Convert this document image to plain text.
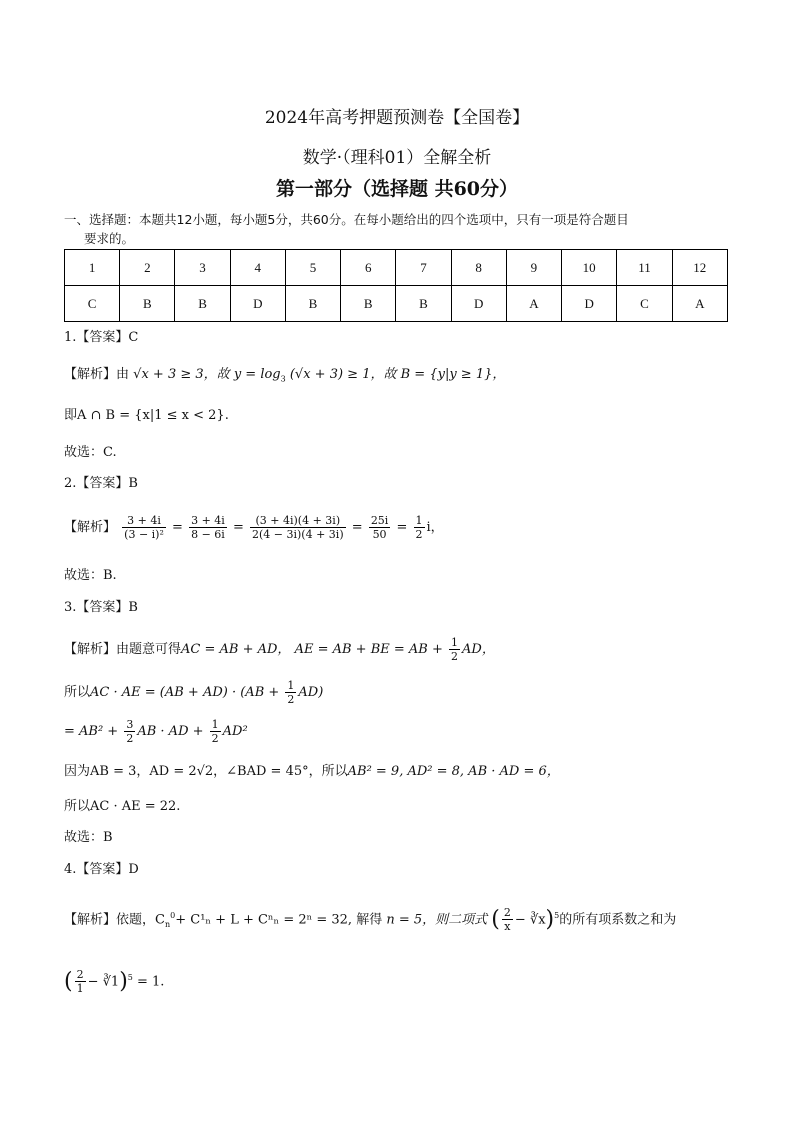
2024年高考押题预测卷【全国卷】
数学·（理科01）全解全析
第一部分（选择题 共60分）
一、选择题：本题共12小题，每小题5分，共60分。在每小题给出的四个选项中，只有一项是符合题目
要求的。
1	2	3	4	5	6	7	8	9	10	11	12
C	B	B	D	B	B	B	D	A	D	C	A
1.【答案】C
【解析】由 √x + 3 ≥ 3，故 $y = \log_3 (√x + 3) \ge 1$，故 B = {y|y ≥ 1}，
即A ∩ B = {x|1 ≤ x < 2}.
故选：C.
2.【答案】B
【解析】 $\frac{3 + 4i}{\text{(3 − i)²}} = \frac{3 + 4i}{8 - 6i} = \frac{(3 + 4i)(4 + 3i)}{2(4 - 3i)(4 + 3i)} = \frac{25i}{50} = \frac{1}{2}$ i，
故选：B.
3.【答案】B
【解析】由题意可得AC = AB + AD， AE = AB + BE = AB + $\frac{1}{2}$ AD，
所以AC · AE = $(AB + AD) \cdot (AB + \frac{1}{2} AD)$
= $AB^2 + \frac{3}{2}$ AB · AD + $\frac{1}{2} AD^2$
因为AB = 3，AD = 2√2，∠BAD = 45°，所以AB² = 9, AD² = 8, AB · AD = 6，
所以AC · AE = 22.
故选：B
4.【答案】D
【解析】依题，$C_n^0+ C^1_n + L + C^n_n = 2^n = 32$, 解得 n = 5，则二项式 ( $\frac{2}{x}$ − ∛x)$^5$的所有项系数之和为
( $\frac{2}{1}$ − ∛1)$^5$ = 1.
